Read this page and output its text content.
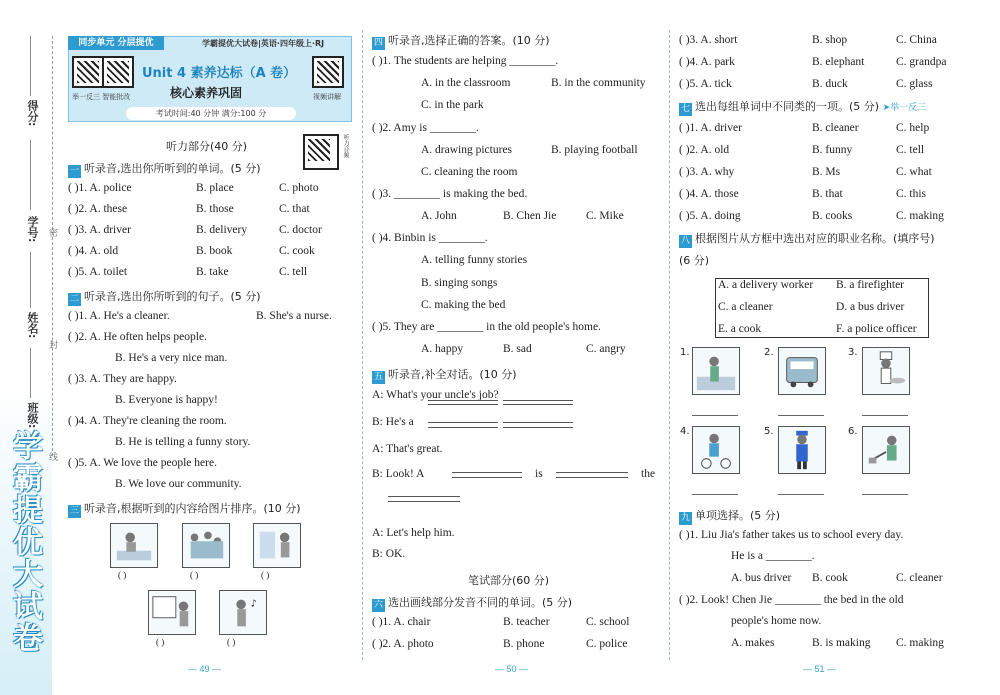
得分:
学号:
姓名:
班级:
密
封
线
学霸提优大试卷
同步单元 分层提优	学霸提优大试卷|英语·四年级上·RJ
举一反三 智能批改
Unit 4 素养达标（A 卷）
核心素养巩固	视频讲解
考试时间:40 分钟 满分:100 分
听力音频
听力部分(40 分)
一 听录音,选出你所听到的单词。(5 分)
( )1. A. police	B. place	C. photo
( )2. A. these	B. those	C. that
( )3. A. driver	B. delivery	C. doctor
( )4. A. old	B. book	C. cook
( )5. A. toilet	B. take	C. tell
二 听录音,选出你所听到的句子。(5 分)
( )1. A. He's a cleaner.	B. She's a nurse.
( )2. A. He often helps people.
B. He's a very nice man.
( )3. A. They are happy.
B. Everyone is happy!
( )4. A. They're cleaning the room.
B. He is telling a funny story.
( )5. A. We love the people here.
B. We love our community.
三 听录音,根据听到的内容给图片排序。(10 分)
♪
( )	( )	( )
( )	( )
四 听录音,选择正确的答案。(10 分)
( )1. The students are helping ________.
A. in the classroom	B. in the community
C. in the park
( )2. Amy is ________.
A. drawing pictures	B. playing football
C. cleaning the room
( )3. ________ is making the bed.
A. John	B. Chen Jie	C. Mike
( )4. Binbin is ________.
A. telling funny stories
B. singing songs
C. making the bed
( )5. They are ________ in the old people's home.
A. happy	B. sad	C. angry
五 听录音,补全对话。(10 分)
A: What's your uncle's job?
B: He's a
A: That's great.
B: Look! A	is	the
A: Let's help him.
B: OK.
笔试部分(60 分)
六 选出画线部分发音不同的单词。(5 分)
( )1. A. chair	B. teacher	C. school
( )2. A. photo	B. phone	C. police
( )3. A. short	B. shop	C. China
( )4. A. park	B. elephant	C. grandpa
( )5. A. tick	B. duck	C. glass
七 选出每组单词中不同类的一项。(5 分) ➤举一反三
( )1. A. driver	B. cleaner	C. help
( )2. A. old	B. funny	C. tell
( )3. A. why	B. Ms	C. what
( )4. A. those	B. that	C. this
( )5. A. doing	B. cooks	C. making
八 根据图片从方框中选出对应的职业名称。(填序号)
(6 分)
A. a delivery worker B. a firefighter
C. a cleaner	D. a bus driver
E. a cook	F. a police officer
1.	2.	3.
4.	5.	6.
九 单项选择。(5 分)
( )1. Liu Jia's father takes us to school every day.
He is a ________.
A. bus driver B. cook	C. cleaner
( )2. Look! Chen Jie ________ the bed in the old
people's home now.
A. makes	B. is making C. making
— 49 —	— 50 —	— 51 —
